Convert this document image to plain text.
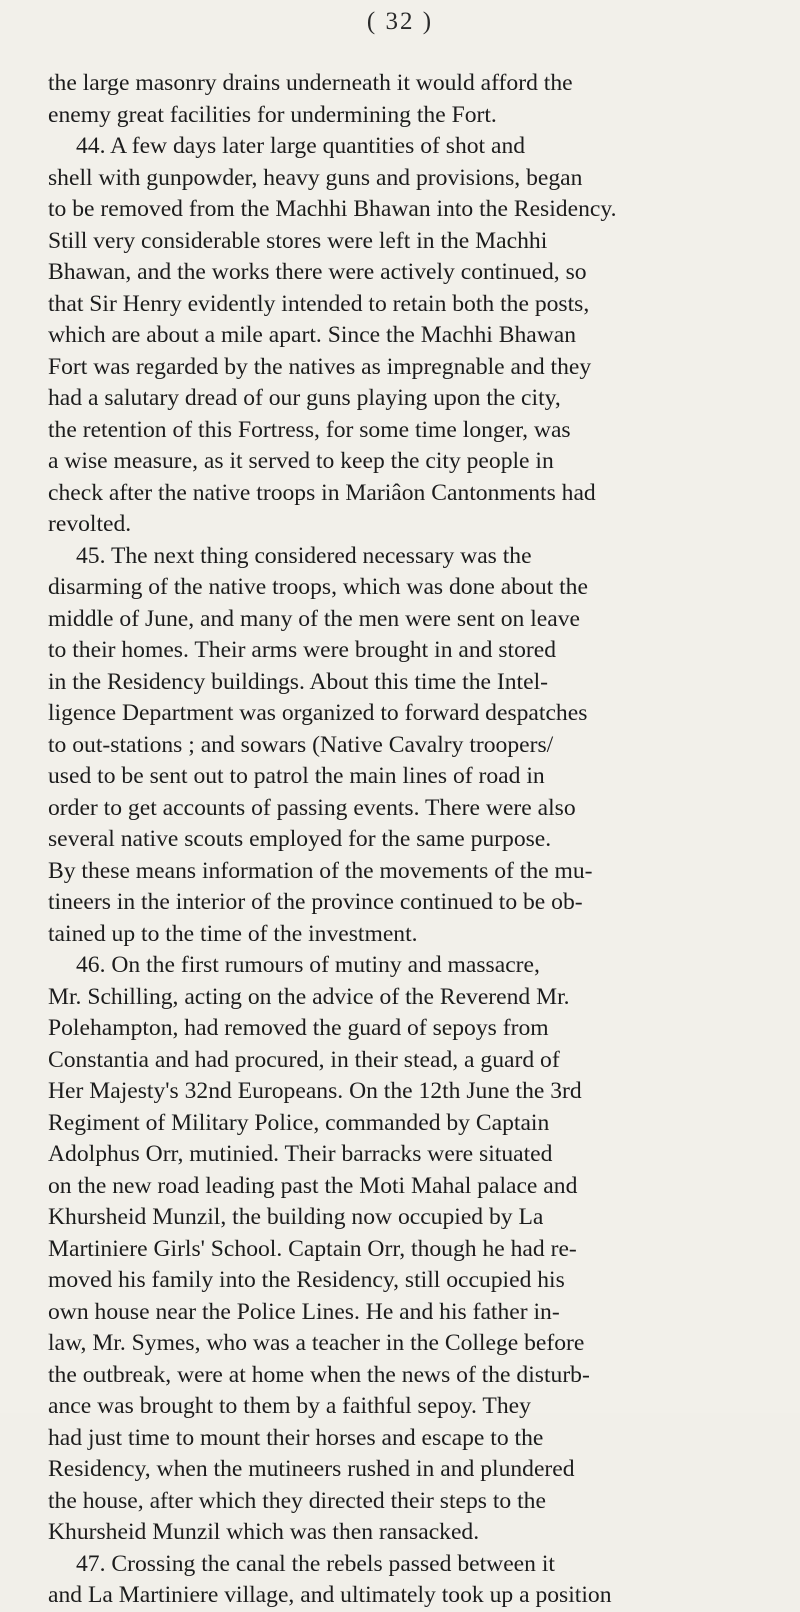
( 32 )
the large masonry drains underneath it would afford the
enemy great facilities for undermining the Fort.
44. A few days later large quantities of shot and
shell with gunpowder, heavy guns and provisions, began
to be removed from the Machhi Bhawan into the Residency.
Still very considerable stores were left in the Machhi
Bhawan, and the works there were actively continued, so
that Sir Henry evidently intended to retain both the posts,
which are about a mile apart. Since the Machhi Bhawan
Fort was regarded by the natives as impregnable and they
had a salutary dread of our guns playing upon the city,
the retention of this Fortress, for some time longer, was
a wise measure, as it served to keep the city people in
check after the native troops in Mariâon Cantonments had
revolted.
45. The next thing considered necessary was the
disarming of the native troops, which was done about the
middle of June, and many of the men were sent on leave
to their homes. Their arms were brought in and stored
in the Residency buildings. About this time the Intel-
ligence Department was organized to forward despatches
to out-stations ; and sowars (Native Cavalry troopers/
used to be sent out to patrol the main lines of road in
order to get accounts of passing events. There were also
several native scouts employed for the same purpose.
By these means information of the movements of the mu-
tineers in the interior of the province continued to be ob-
tained up to the time of the investment.
46. On the first rumours of mutiny and massacre,
Mr. Schilling, acting on the advice of the Reverend Mr.
Polehampton, had removed the guard of sepoys from
Constantia and had procured, in their stead, a guard of
Her Majesty's 32nd Europeans. On the 12th June the 3rd
Regiment of Military Police, commanded by Captain
Adolphus Orr, mutinied. Their barracks were situated
on the new road leading past the Moti Mahal palace and
Khursheid Munzil, the building now occupied by La
Martiniere Girls' School. Captain Orr, though he had re-
moved his family into the Residency, still occupied his
own house near the Police Lines. He and his father in-
law, Mr. Symes, who was a teacher in the College before
the outbreak, were at home when the news of the disturb-
ance was brought to them by a faithful sepoy. They
had just time to mount their horses and escape to the
Residency, when the mutineers rushed in and plundered
the house, after which they directed their steps to the
Khursheid Munzil which was then ransacked.
47. Crossing the canal the rebels passed between it
and La Martiniere village, and ultimately took up a position
